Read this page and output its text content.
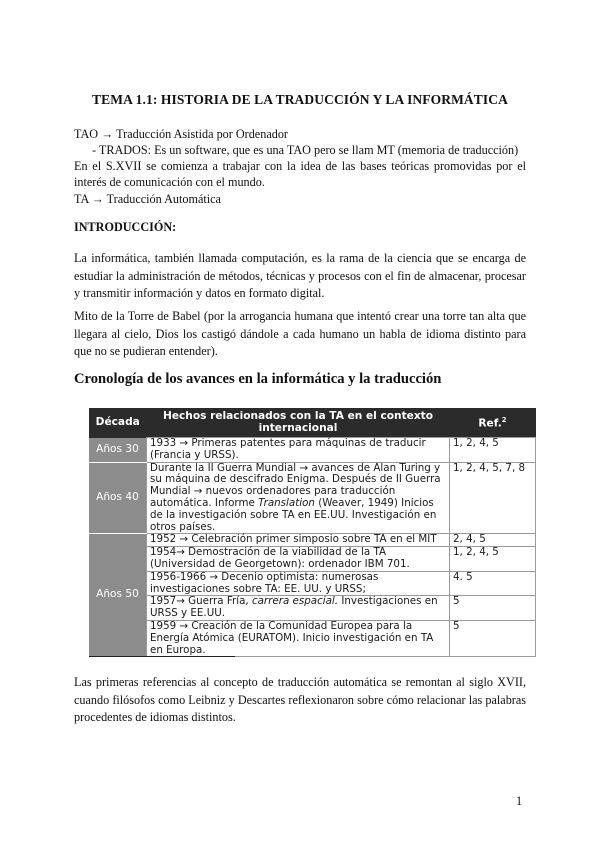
TEMA 1.1: HISTORIA DE LA TRADUCCIÓN Y LA INFORMÁTICA
TAO → Traducción Asistida por Ordenador
- TRADOS: Es un software, que es una TAO pero se llam MT (memoria de traducción)
En el S.XVII se comienza a trabajar con la idea de las bases teóricas promovidas por el interés de comunicación con el mundo.
TA → Traducción Automática
INTRODUCCIÓN:
La informática, también llamada computación, es la rama de la ciencia que se encarga de estudiar la administración de métodos, técnicas y procesos con el fin de almacenar, procesar y transmitir información y datos en formato digital.
Mito de la Torre de Babel (por la arrogancia humana que intentó crear una torre tan alta que llegara al cielo, Dios los castigó dándole a cada humano un habla de idioma distinto para que no se pudieran entender).
Cronología de los avances en la informática y la traducción
Década	Hechos relacionados con la TA en el contexto internacional	Ref.$^2$
Años 30	1933 → Primeras patentes para máquinas de traducir (Francia y URSS).	1, 2, 4, 5
Años 40	Durante la II Guerra Mundial → avances de Alan Turing y su máquina de descifrado Enigma. Después de II Guerra Mundial → nuevos ordenadores para traducción automática. Informe Translation (Weaver, 1949) Inicios de la investigación sobre TA en EE.UU. Investigación en otros países.	1, 2, 4, 5, 7, 8
Años 50	1952 → Celebración primer simposio sobre TA en el MIT	2, 4, 5
	1954→ Demostración de la viabilidad de la TA (Universidad de Georgetown): ordenador IBM 701.	1, 2, 4, 5
	1956-1966 → Decenio optimista: numerosas investigaciones sobre TA: EE. UU. y URSS;	4. 5
	1957→ Guerra Fría, carrera espacial. Investigaciones en URSS y EE.UU.	5
	1959 → Creación de la Comunidad Europea para la Energía Atómica (EURATOM). Inicio investigación en TA en Europa.	5
Las primeras referencias al concepto de traducción automática se remontan al siglo XVII, cuando filósofos como Leibniz y Descartes reflexionaron sobre cómo relacionar las palabras procedentes de idiomas distintos.
1
